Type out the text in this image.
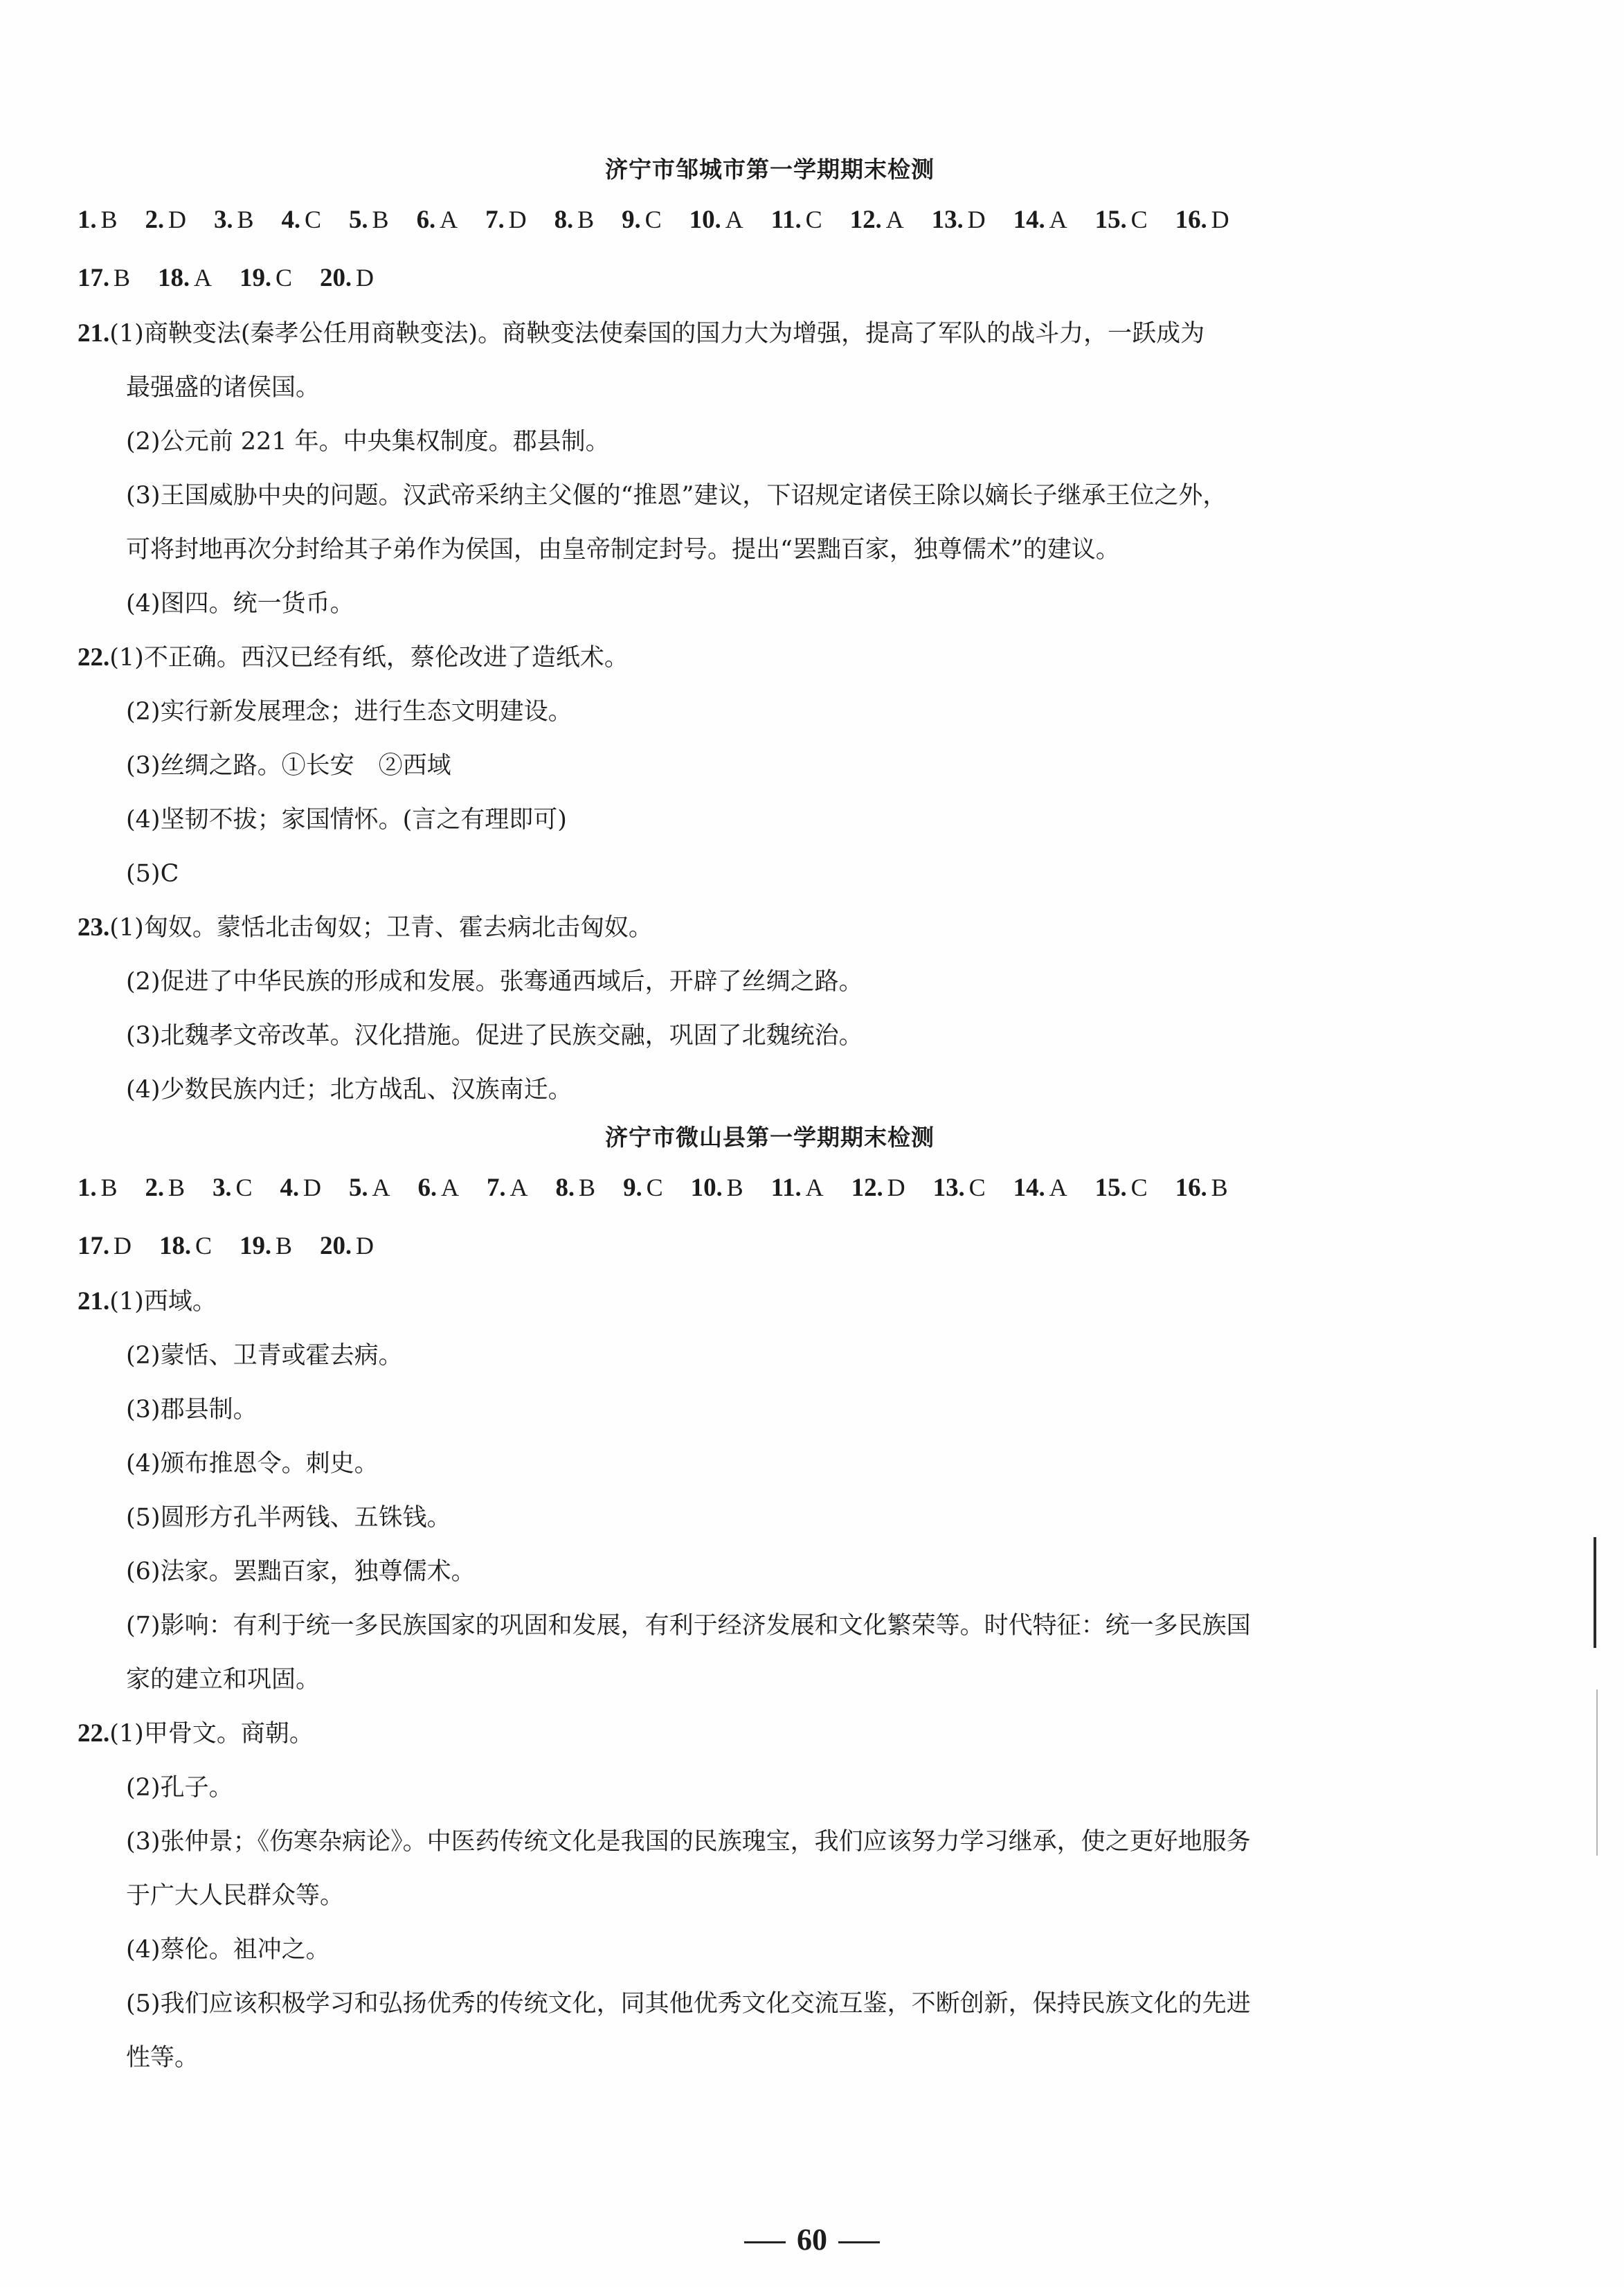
济宁市邹城市第一学期期末检测
1. B 2. D 3. B 4. C 5. B 6. A 7. D 8. B 9. C 10. A 11. C 12. A 13. D 14. A 15. C 16. D
17. B 18. A 19. C 20. D
21.(1)商鞅变法(秦孝公任用商鞅变法)。商鞅变法使秦国的国力大为增强，提高了军队的战斗力，一跃成为
最强盛的诸侯国。
(2)公元前 221 年。中央集权制度。郡县制。
(3)王国威胁中央的问题。汉武帝采纳主父偃的“推恩”建议，下诏规定诸侯王除以嫡长子继承王位之外，
可将封地再次分封给其子弟作为侯国，由皇帝制定封号。提出“罢黜百家，独尊儒术”的建议。
(4)图四。统一货币。
22.(1)不正确。西汉已经有纸，蔡伦改进了造纸术。
(2)实行新发展理念；进行生态文明建设。
(3)丝绸之路。①长安　②西域
(4)坚韧不拔；家国情怀。(言之有理即可)
(5)C
23.(1)匈奴。蒙恬北击匈奴；卫青、霍去病北击匈奴。
(2)促进了中华民族的形成和发展。张骞通西域后，开辟了丝绸之路。
(3)北魏孝文帝改革。汉化措施。促进了民族交融，巩固了北魏统治。
(4)少数民族内迁；北方战乱、汉族南迁。
济宁市微山县第一学期期末检测
1. B 2. B 3. C 4. D 5. A 6. A 7. A 8. B 9. C 10. B 11. A 12. D 13. C 14. A 15. C 16. B
17. D 18. C 19. B 20. D
21.(1)西域。
(2)蒙恬、卫青或霍去病。
(3)郡县制。
(4)颁布推恩令。刺史。
(5)圆形方孔半两钱、五铢钱。
(6)法家。罢黜百家，独尊儒术。
(7)影响：有利于统一多民族国家的巩固和发展，有利于经济发展和文化繁荣等。时代特征：统一多民族国
家的建立和巩固。
22.(1)甲骨文。商朝。
(2)孔子。
(3)张仲景；《伤寒杂病论》。中医药传统文化是我国的民族瑰宝，我们应该努力学习继承，使之更好地服务
于广大人民群众等。
(4)蔡伦。祖冲之。
(5)我们应该积极学习和弘扬优秀的传统文化，同其他优秀文化交流互鉴，不断创新，保持民族文化的先进
性等。
60
